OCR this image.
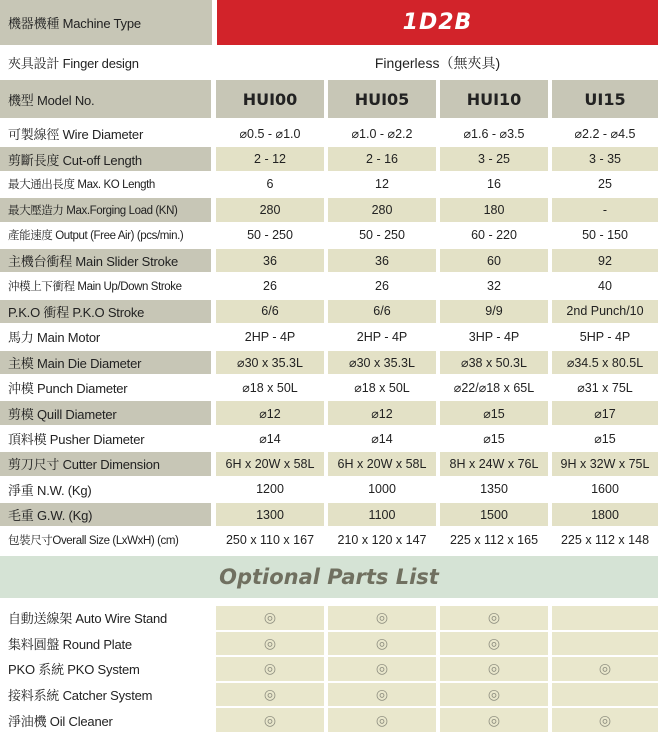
機器機種 Machine Type	1D2B
夾具設計 Finger design	Fingerless（無夾具)
機型 Model No.	HUI00	HUI05	HUI10	UI15
可製線徑 Wire Diameter	⌀0.5 - ⌀1.0	⌀1.0 - ⌀2.2	⌀1.6 - ⌀3.5	⌀2.2 - ⌀4.5
剪斷長度 Cut-off Length	2 - 12	2 - 16	3 - 25	3 - 35
最大通出長度 Max. KO Length	6	12	16	25
最大壓造力 Max.Forging Load (KN)	280	280	180	-
產能速度 Output (Free Air) (pcs/min.)	50 - 250	50 - 250	60 - 220	50 - 150
主機台衝程 Main Slider Stroke	36	36	60	92
沖模上下衝程 Main Up/Down Stroke	26	26	32	40
P.K.O 衝程 P.K.O Stroke	6/6	6/6	9/9	2nd Punch/10
馬力 Main Motor	2HP - 4P	2HP - 4P	3HP - 4P	5HP - 4P
主模 Main Die Diameter	⌀30 x 35.3L	⌀30 x 35.3L	⌀38 x 50.3L	⌀34.5 x 80.5L
沖模 Punch Diameter	⌀18 x 50L	⌀18 x 50L	⌀22/⌀18 x 65L	⌀31 x 75L
剪模 Quill Diameter	⌀12	⌀12	⌀15	⌀17
頂料模 Pusher Diameter	⌀14	⌀14	⌀15	⌀15
剪刀尺寸 Cutter Dimension	6H x 20W x 58L	6H x 20W x 58L	8H x 24W x 76L	9H x 32W x 75L
淨重 N.W. (Kg)	1200	1000	1350	1600
毛重 G.W. (Kg)	1300	1100	1500	1800
包裝尺寸Overall Size (LxWxH) (cm)	250 x 110 x 167	210 x 120 x 147	225 x 112 x 165	225 x 112 x 148
Optional Parts List
自動送線架 Auto Wire Stand	◎	◎	◎
集料圓盤 Round Plate	◎	◎	◎
PKO 系統 PKO System	◎	◎	◎	◎
接料系統 Catcher System	◎	◎	◎
淨油機 Oil Cleaner	◎	◎	◎	◎
